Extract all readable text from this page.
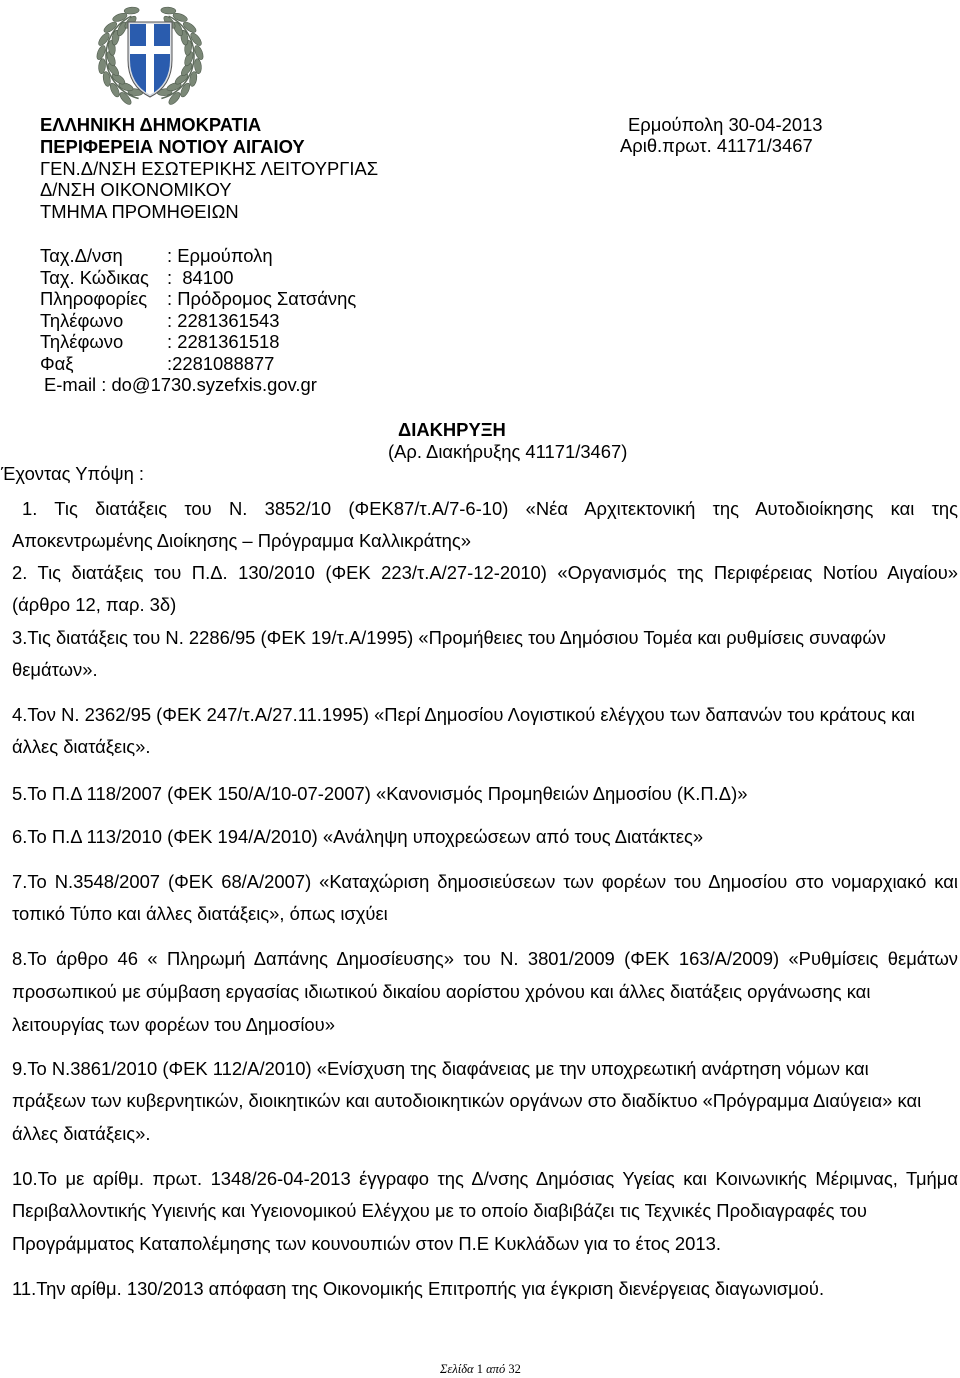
ΕΛΛΗΝΙΚΗ ΔΗΜΟΚΡΑΤΙΑ
ΠΕΡΙΦΕΡΕΙΑ ΝΟΤΙΟΥ ΑΙΓΑΙΟΥ
ΓΕΝ.Δ/ΝΣΗ ΕΣΩΤΕΡΙΚΗΣ ΛΕΙΤΟΥΡΓΙΑΣ
Δ/ΝΣΗ ΟΙΚΟΝΟΜΙΚΟΥ
ΤΜΗΜΑ ΠΡΟΜΗΘΕΙΩΝ
Ερμούπολη 30-04-2013
Αριθ.πρωτ. 41171/3467
Ταχ.Δ/νση : Ερμούπολη
Ταχ. Κώδικας :  84100
Πληροφορίες : Πρόδρομος Σατσάνης
Τηλέφωνο : 2281361543
Τηλέφωνο : 2281361518
Φαξ	:2281088877
E-mail : do@1730.syzefxis.gov.gr
ΔΙΑΚΗΡΥΞΗ
(Αρ. Διακήρυξης 41171/3467)
Έχοντας Υπόψη :
1. Τις διατάξεις του Ν. 3852/10 (ΦΕΚ87/τ.Α/7-6-10) «Νέα Αρχιτεκτονική της Αυτοδιοίκησης και της
Αποκεντρωμένης Διοίκησης – Πρόγραμμα Καλλικράτης»
2. Τις διατάξεις του Π.Δ. 130/2010 (ΦΕΚ 223/τ.Α/27-12-2010) «Οργανισμός της Περιφέρειας Νοτίου Αιγαίου»
(άρθρο 12, παρ. 3δ)
3.Τις διατάξεις του Ν. 2286/95 (ΦΕΚ 19/τ.Α/1995) «Προμήθειες του Δημόσιου Τομέα και ρυθμίσεις συναφών
θεμάτων».
4.Τον Ν. 2362/95 (ΦΕΚ 247/τ.Α/27.11.1995) «Περί Δημοσίου Λογιστικού ελέγχου των δαπανών του κράτους και
άλλες διατάξεις».
5.Το Π.Δ 118/2007 (ΦΕΚ 150/Α/10-07-2007) «Κανονισμός Προμηθειών Δημοσίου (Κ.Π.Δ)»
6.Το Π.Δ 113/2010 (ΦΕΚ 194/Α/2010) «Ανάληψη υποχρεώσεων από τους Διατάκτες»
7.Το Ν.3548/2007 (ΦΕΚ 68/Α/2007) «Καταχώριση δημοσιεύσεων των φορέων του Δημοσίου στο νομαρχιακό και
τοπικό Τύπο και άλλες διατάξεις», όπως ισχύει
8.Το άρθρο 46 « Πληρωμή Δαπάνης Δημοσίευσης» του Ν. 3801/2009 (ΦΕΚ 163/Α/2009) «Ρυθμίσεις θεμάτων
προσωπικού με σύμβαση εργασίας ιδιωτικού δικαίου αορίστου χρόνου και άλλες διατάξεις οργάνωσης και
λειτουργίας των φορέων του Δημοσίου»
9.Το Ν.3861/2010 (ΦΕΚ 112/Α/2010) «Ενίσχυση της διαφάνειας με την υποχρεωτική ανάρτηση νόμων και
πράξεων των κυβερνητικών, διοικητικών και αυτοδιοικητικών οργάνων στο διαδίκτυο «Πρόγραμμα Διαύγεια» και
άλλες διατάξεις».
10.Το με αρίθμ. πρωτ. 1348/26-04-2013 έγγραφο της Δ/νσης Δημόσιας Υγείας και Κοινωνικής Μέριμνας, Τμήμα
Περιβαλλοντικής Υγιεινής και Υγειονομικού Ελέγχου με το οποίο διαβιβάζει τις Τεχνικές Προδιαγραφές του
Προγράμματος Καταπολέμησης των κουνουπιών στον Π.Ε Κυκλάδων για το έτος 2013.
11.Την αρίθμ. 130/2013 απόφαση της Οικονομικής Επιτροπής για έγκριση διενέργειας διαγωνισμού.
Σελίδα 1 από 32
